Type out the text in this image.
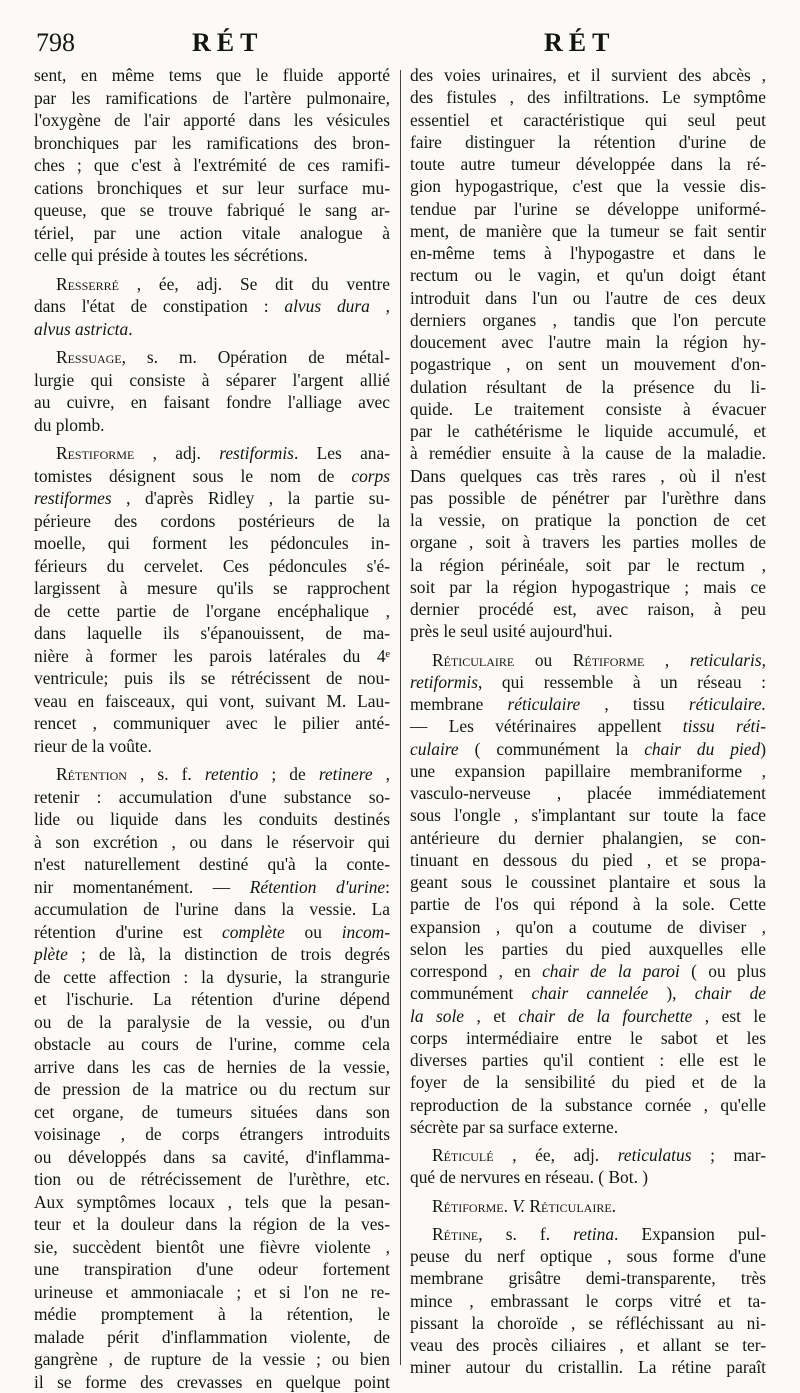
798	RÉT	RÉT
sent, en même tems que le fluide apporté
par les ramifications de l'artère pulmonaire,
l'oxygène de l'air apporté dans les vésicules
bronchiques par les ramifications des bron-
ches ; que c'est à l'extrémité de ces ramifi-
cations bronchiques et sur leur surface mu-
queuse, que se trouve fabriqué le sang ar-
tériel, par une action vitale analogue à
celle qui préside à toutes les sécrétions.
Resserré , ée, adj. Se dit du ventre
dans l'état de constipation : alvus dura ,
alvus astricta.
Ressuage, s. m. Opération de métal-
lurgie qui consiste à séparer l'argent allié
au cuivre, en faisant fondre l'alliage avec
du plomb.
Restiforme , adj. restiformis. Les ana-
tomistes désignent sous le nom de corps
restiformes , d'après Ridley , la partie su-
périeure des cordons postérieurs de la
moelle, qui forment les pédoncules in-
férieurs du cervelet. Ces pédoncules s'é-
largissent à mesure qu'ils se rapprochent
de cette partie de l'organe encéphalique ,
dans laquelle ils s'épanouissent, de ma-
nière à former les parois latérales du 4ᵉ
ventricule; puis ils se rétrécissent de nou-
veau en faisceaux, qui vont, suivant M. Lau-
rencet , communiquer avec le pilier anté-
rieur de la voûte.
Rétention , s. f. retentio ; de retinere ,
retenir : accumulation d'une substance so-
lide ou liquide dans les conduits destinés
à son excrétion , ou dans le réservoir qui
n'est naturellement destiné qu'à la conte-
nir momentanément. — Rétention d'urine:
accumulation de l'urine dans la vessie. La
rétention d'urine est complète ou incom-
plète ; de là, la distinction de trois degrés
de cette affection : la dysurie, la strangurie
et l'ischurie. La rétention d'urine dépend
ou de la paralysie de la vessie, ou d'un
obstacle au cours de l'urine, comme cela
arrive dans les cas de hernies de la vessie,
de pression de la matrice ou du rectum sur
cet organe, de tumeurs situées dans son
voisinage , de corps étrangers introduits
ou développés dans sa cavité, d'inflamma-
tion ou de rétrécissement de l'urèthre, etc.
Aux symptômes locaux , tels que la pesan-
teur et la douleur dans la région de la ves-
sie, succèdent bientôt une fièvre violente ,
une transpiration d'une odeur fortement
urineuse et ammoniacale ; et si l'on ne re-
médie promptement à la rétention, le
malade périt d'inflammation violente, de
gangrène , de rupture de la vessie ; ou bien
il se forme des crevasses en quelque point
des voies urinaires, et il survient des abcès ,
des fistules , des infiltrations. Le symptôme
essentiel et caractéristique qui seul peut
faire distinguer la rétention d'urine de
toute autre tumeur développée dans la ré-
gion hypogastrique, c'est que la vessie dis-
tendue par l'urine se développe uniformé-
ment, de manière que la tumeur se fait sentir
en-même tems à l'hypogastre et dans le
rectum ou le vagin, et qu'un doigt étant
introduit dans l'un ou l'autre de ces deux
derniers organes , tandis que l'on percute
doucement avec l'autre main la région hy-
pogastrique , on sent un mouvement d'on-
dulation résultant de la présence du li-
quide. Le traitement consiste à évacuer
par le cathétérisme le liquide accumulé, et
à remédier ensuite à la cause de la maladie.
Dans quelques cas très rares , où il n'est
pas possible de pénétrer par l'urèthre dans
la vessie, on pratique la ponction de cet
organe , soit à travers les parties molles de
la région périnéale, soit par le rectum ,
soit par la région hypogastrique ; mais ce
dernier procédé est, avec raison, à peu
près le seul usité aujourd'hui.
Réticulaire ou Rétiforme , reticularis,
retiformis, qui ressemble à un réseau :
membrane réticulaire , tissu réticulaire.
— Les vétérinaires appellent tissu réti-
culaire ( communément la chair du pied)
une expansion papillaire membraniforme ,
vasculo-nerveuse , placée immédiatement
sous l'ongle , s'implantant sur toute la face
antérieure du dernier phalangien, se con-
tinuant en dessous du pied , et se propa-
geant sous le coussinet plantaire et sous la
partie de l'os qui répond à la sole. Cette
expansion , qu'on a coutume de diviser ,
selon les parties du pied auxquelles elle
correspond , en chair de la paroi ( ou plus
communément chair cannelée ), chair de
la sole , et chair de la fourchette , est le
corps intermédiaire entre le sabot et les
diverses parties qu'il contient : elle est le
foyer de la sensibilité du pied et de la
reproduction de la substance cornée , qu'elle
sécrète par sa surface externe.
Réticulé , ée, adj. reticulatus ; mar-
qué de nervures en réseau. ( Bot. )
Rétiforme. V. Réticulaire.
Rétine, s. f. retina. Expansion pul-
peuse du nerf optique , sous forme d'une
membrane grisâtre demi-transparente, très
mince , embrassant le corps vitré et ta-
pissant la choroïde , se réfléchissant au ni-
veau des procès ciliaires , et allant se ter-
miner autour du cristallin. La rétine paraît
